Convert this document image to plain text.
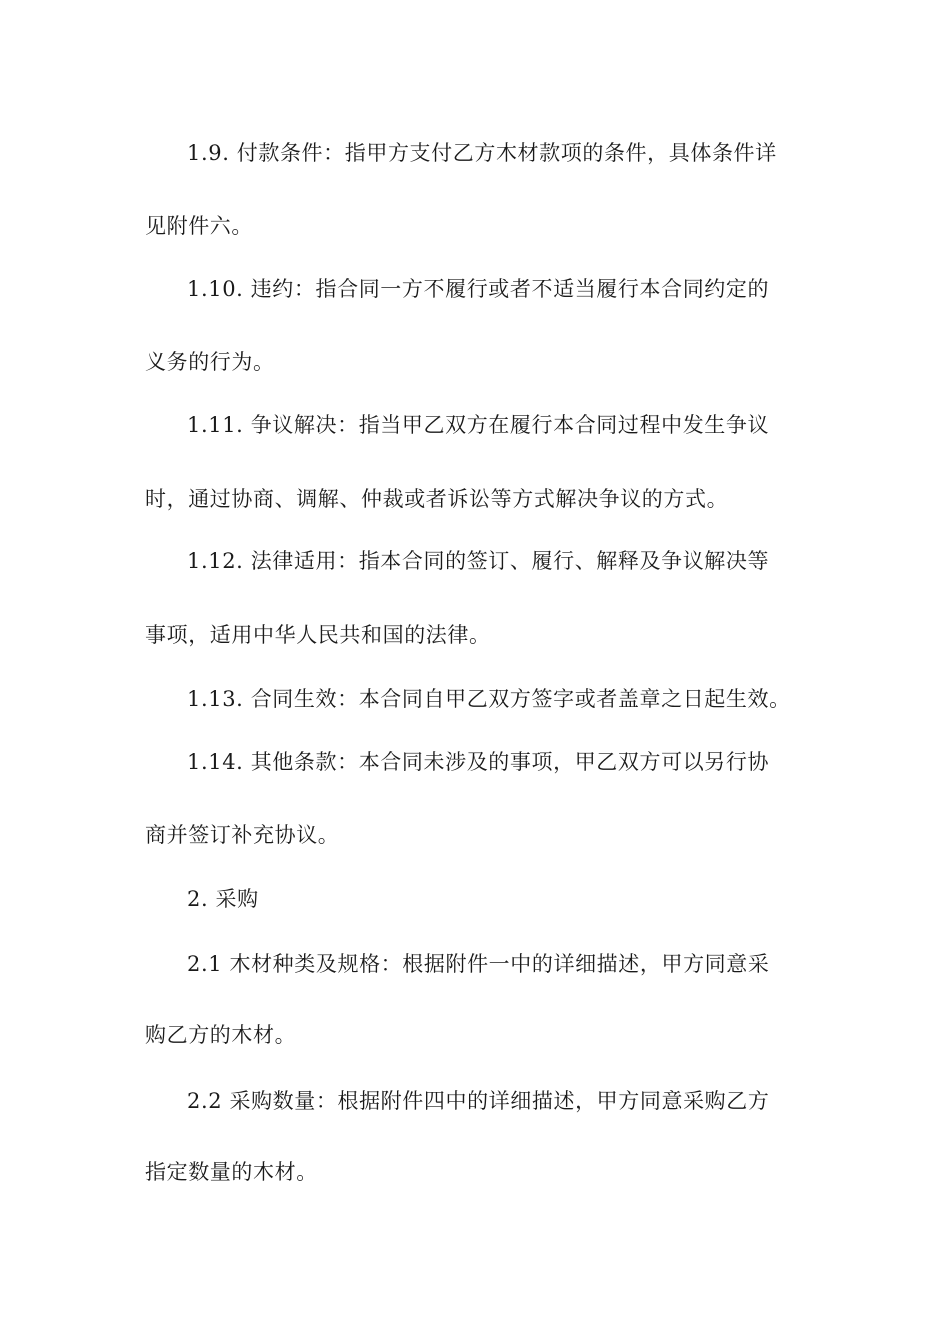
1.9. 付款条件：指甲方支付乙方木材款项的条件，具体条件详
见附件六。
1.10. 违约：指合同一方不履行或者不适当履行本合同约定的
义务的行为。
1.11. 争议解决：指当甲乙双方在履行本合同过程中发生争议
时，通过协商、调解、仲裁或者诉讼等方式解决争议的方式。
1.12. 法律适用：指本合同的签订、履行、解释及争议解决等
事项，适用中华人民共和国的法律。
1.13. 合同生效：本合同自甲乙双方签字或者盖章之日起生效。
1.14. 其他条款：本合同未涉及的事项，甲乙双方可以另行协
商并签订补充协议。
2. 采购
2.1 木材种类及规格：根据附件一中的详细描述，甲方同意采
购乙方的木材。
2.2 采购数量：根据附件四中的详细描述，甲方同意采购乙方
指定数量的木材。
